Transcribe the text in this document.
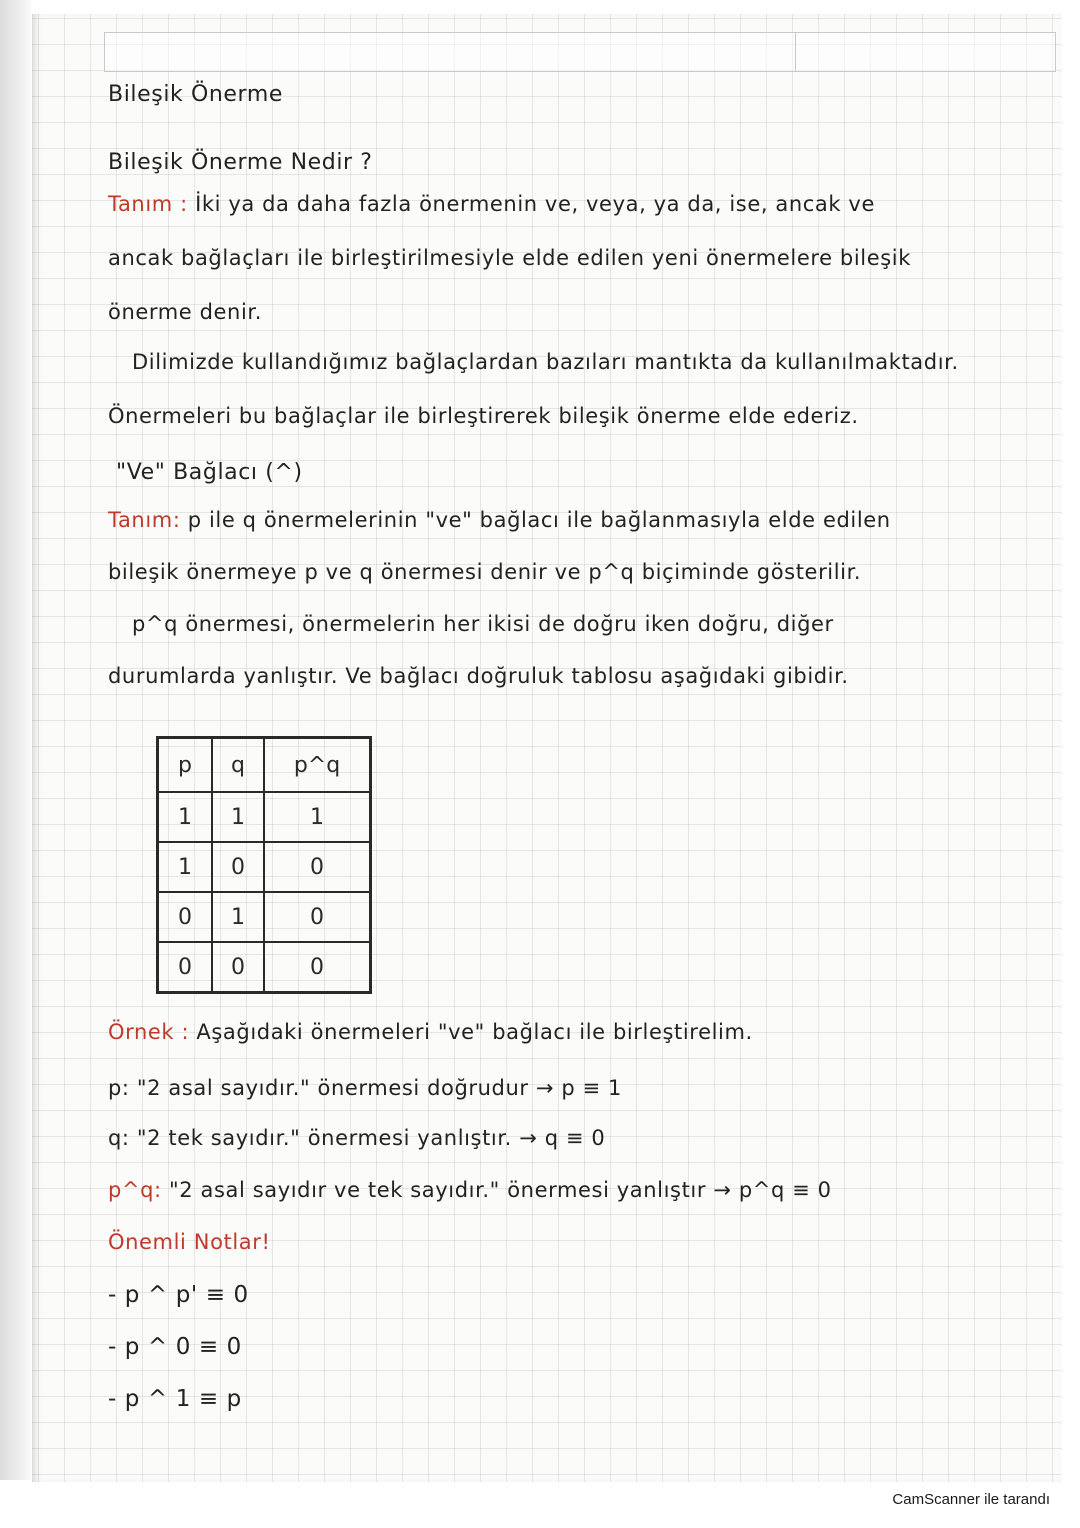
Bileşik Önerme
Bileşik Önerme Nedir ?
Tanım : İki ya da daha fazla önermenin ve, veya, ya da, ise, ancak ve
ancak bağlaçları ile birleştirilmesiyle elde edilen yeni önermelere bileşik
önerme denir.
Dilimizde kullandığımız bağlaçlardan bazıları mantıkta da kullanılmaktadır.
Önermeleri bu bağlaçlar ile birleştirerek bileşik önerme elde ederiz.
"Ve" Bağlacı (^)
Tanım: p ile q önermelerinin "ve" bağlacı ile bağlanmasıyla elde edilen
bileşik önermeye p ve q önermesi denir ve p^q biçiminde gösterilir.
p^q önermesi, önermelerin her ikisi de doğru iken doğru, diğer
durumlarda yanlıştır. Ve bağlacı doğruluk tablosu aşağıdaki gibidir.
p	q	p^q
1	1	1
1	0	0
0	1	0
0	0	0
Örnek : Aşağıdaki önermeleri "ve" bağlacı ile birleştirelim.
p: "2 asal sayıdır." önermesi doğrudur → p ≡ 1
q: "2 tek sayıdır." önermesi yanlıştır. → q ≡ 0
p^q: "2 asal sayıdır ve tek sayıdır." önermesi yanlıştır → p^q ≡ 0
Önemli Notlar!
- p ^ p' ≡ 0
- p ^ 0 ≡ 0
- p ^ 1 ≡ p
CamScanner ile tarandı
